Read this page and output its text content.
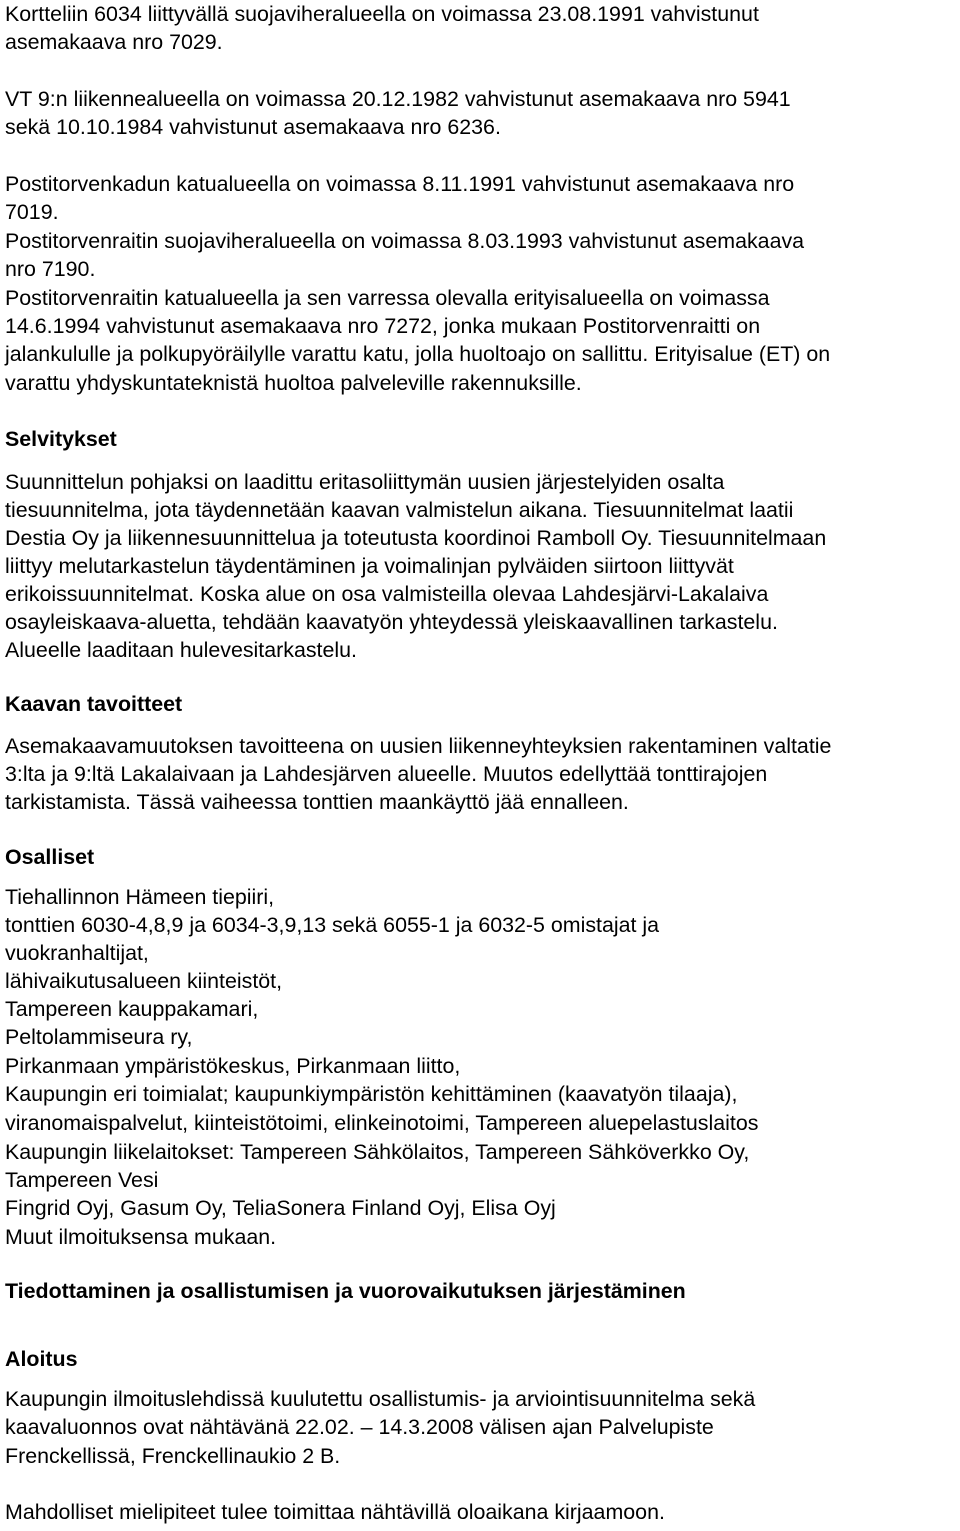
Kortteliin 6034 liittyvällä suojaviheralueella on voimassa 23.08.1991 vahvistunut
asemakaava nro 7029.
VT 9:n liikennealueella on voimassa 20.12.1982 vahvistunut asemakaava nro 5941
sekä 10.10.1984 vahvistunut asemakaava nro 6236.
Postitorvenkadun katualueella on voimassa 8.11.1991 vahvistunut asemakaava nro
7019.
Postitorvenraitin suojaviheralueella on voimassa 8.03.1993 vahvistunut asemakaava
nro 7190.
Postitorvenraitin katualueella ja sen varressa olevalla erityisalueella on voimassa
14.6.1994 vahvistunut asemakaava nro 7272, jonka mukaan Postitorvenraitti on
jalankululle ja polkupyöräilylle varattu katu, jolla huoltoajo on sallittu. Erityisalue (ET) on
varattu yhdyskuntateknistä huoltoa palveleville rakennuksille.
Selvitykset
Suunnittelun pohjaksi on laadittu eritasoliittymän uusien järjestelyiden osalta
tiesuunnitelma, jota täydennetään kaavan valmistelun aikana. Tiesuunnitelmat laatii
Destia Oy ja liikennesuunnittelua ja toteutusta koordinoi Ramboll Oy. Tiesuunnitelmaan
liittyy melutarkastelun täydentäminen ja voimalinjan pylväiden siirtoon liittyvät
erikoissuunnitelmat. Koska alue on osa valmisteilla olevaa Lahdesjärvi-Lakalaiva
osayleiskaava-aluetta, tehdään kaavatyön yhteydessä yleiskaavallinen tarkastelu.
Alueelle laaditaan hulevesitarkastelu.
Kaavan tavoitteet
Asemakaavamuutoksen tavoitteena on uusien liikenneyhteyksien rakentaminen valtatie
3:lta ja 9:ltä Lakalaivaan ja Lahdesjärven alueelle. Muutos edellyttää tonttirajojen
tarkistamista. Tässä vaiheessa tonttien maankäyttö jää ennalleen.
Osalliset
Tiehallinnon Hämeen tiepiiri,
tonttien 6030-4,8,9 ja 6034-3,9,13 sekä 6055-1 ja 6032-5 omistajat ja
vuokranhaltijat,
lähivaikutusalueen kiinteistöt,
Tampereen kauppakamari,
Peltolammiseura ry,
Pirkanmaan ympäristökeskus, Pirkanmaan liitto,
Kaupungin eri toimialat; kaupunkiympäristön kehittäminen (kaavatyön tilaaja),
viranomaispalvelut, kiinteistötoimi, elinkeinotoimi, Tampereen aluepelastuslaitos
Kaupungin liikelaitokset: Tampereen Sähkölaitos, Tampereen Sähköverkko Oy,
Tampereen Vesi
Fingrid Oyj, Gasum Oy, TeliaSonera Finland Oyj, Elisa Oyj
Muut ilmoituksensa mukaan.
Tiedottaminen ja osallistumisen ja vuorovaikutuksen järjestäminen
Aloitus
Kaupungin ilmoituslehdissä kuulutettu osallistumis- ja arviointisuunnitelma sekä
kaavaluonnos ovat nähtävänä 22.02. – 14.3.2008 välisen ajan Palvelupiste
Frenckellissä, Frenckellinaukio 2 B.
Mahdolliset mielipiteet tulee toimittaa nähtävillä oloaikana kirjaamoon.
